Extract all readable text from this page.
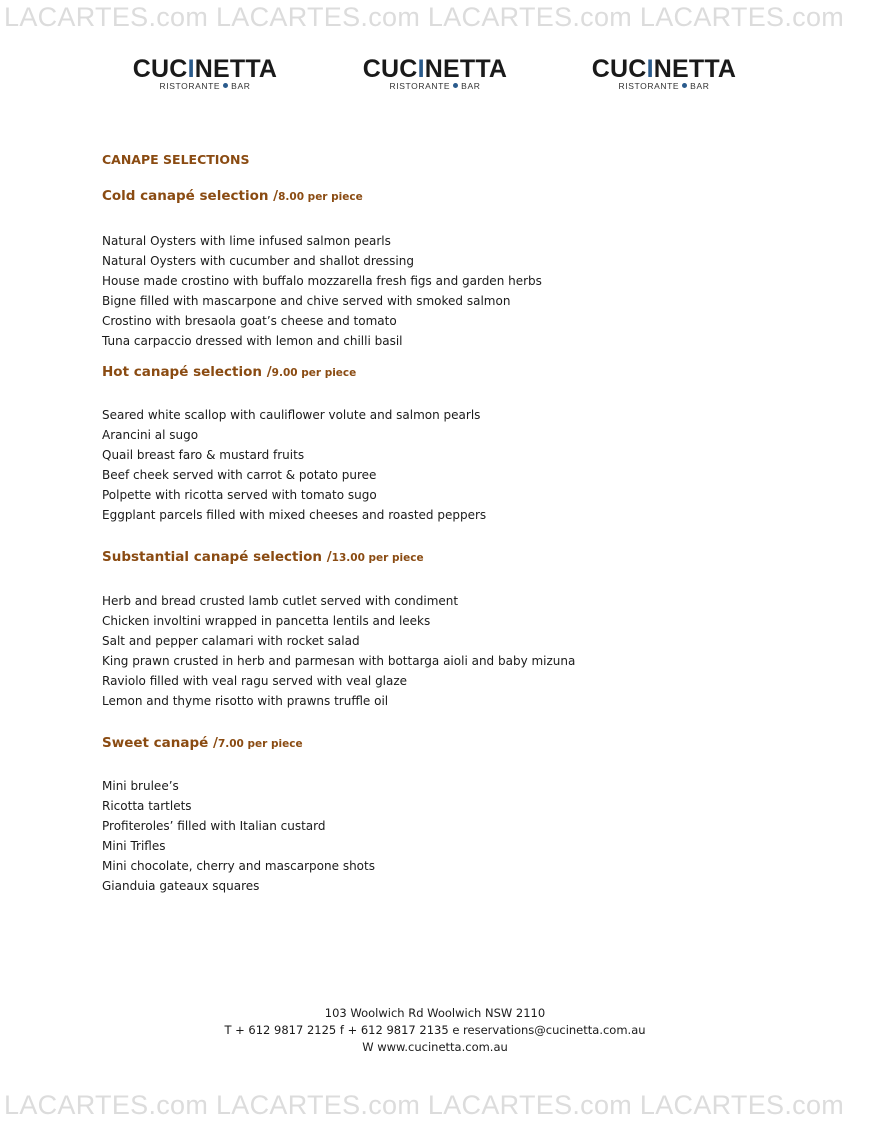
LACARTES.com LACARTES.com LACARTES.com LACARTES.com
CUCINETTA
RISTORANTE BAR
CUCINETTA
RISTORANTE BAR
CUCINETTA
RISTORANTE BAR
CANAPE SELECTIONS
Cold canapé selection /8.00 per piece
Natural Oysters with lime infused salmon pearls
Natural Oysters with cucumber and shallot dressing
House made crostino with buffalo mozzarella fresh figs and garden herbs
Bigne filled with mascarpone and chive served with smoked salmon
Crostino with bresaola goat’s cheese and tomato
Tuna carpaccio dressed with lemon and chilli basil
Hot canapé selection /9.00 per piece
Seared white scallop with cauliflower volute and salmon pearls
Arancini al sugo
Quail breast faro & mustard fruits
Beef cheek served with carrot & potato puree
Polpette with ricotta served with tomato sugo
Eggplant parcels filled with mixed cheeses and roasted peppers
Substantial canapé selection /13.00 per piece
Herb and bread crusted lamb cutlet served with condiment
Chicken involtini wrapped in pancetta lentils and leeks
Salt and pepper calamari with rocket salad
King prawn crusted in herb and parmesan with bottarga aioli and baby mizuna
Raviolo filled with veal ragu served with veal glaze
Lemon and thyme risotto with prawns truffle oil
Sweet canapé /7.00 per piece
Mini brulee’s
Ricotta tartlets
Profiteroles’ filled with Italian custard
Mini Trifles
Mini chocolate, cherry and mascarpone shots
Gianduia gateaux squares
103 Woolwich Rd Woolwich NSW 2110
T + 612 9817 2125 f + 612 9817 2135 e reservations@cucinetta.com.au
W www.cucinetta.com.au
LACARTES.com LACARTES.com LACARTES.com LACARTES.com
